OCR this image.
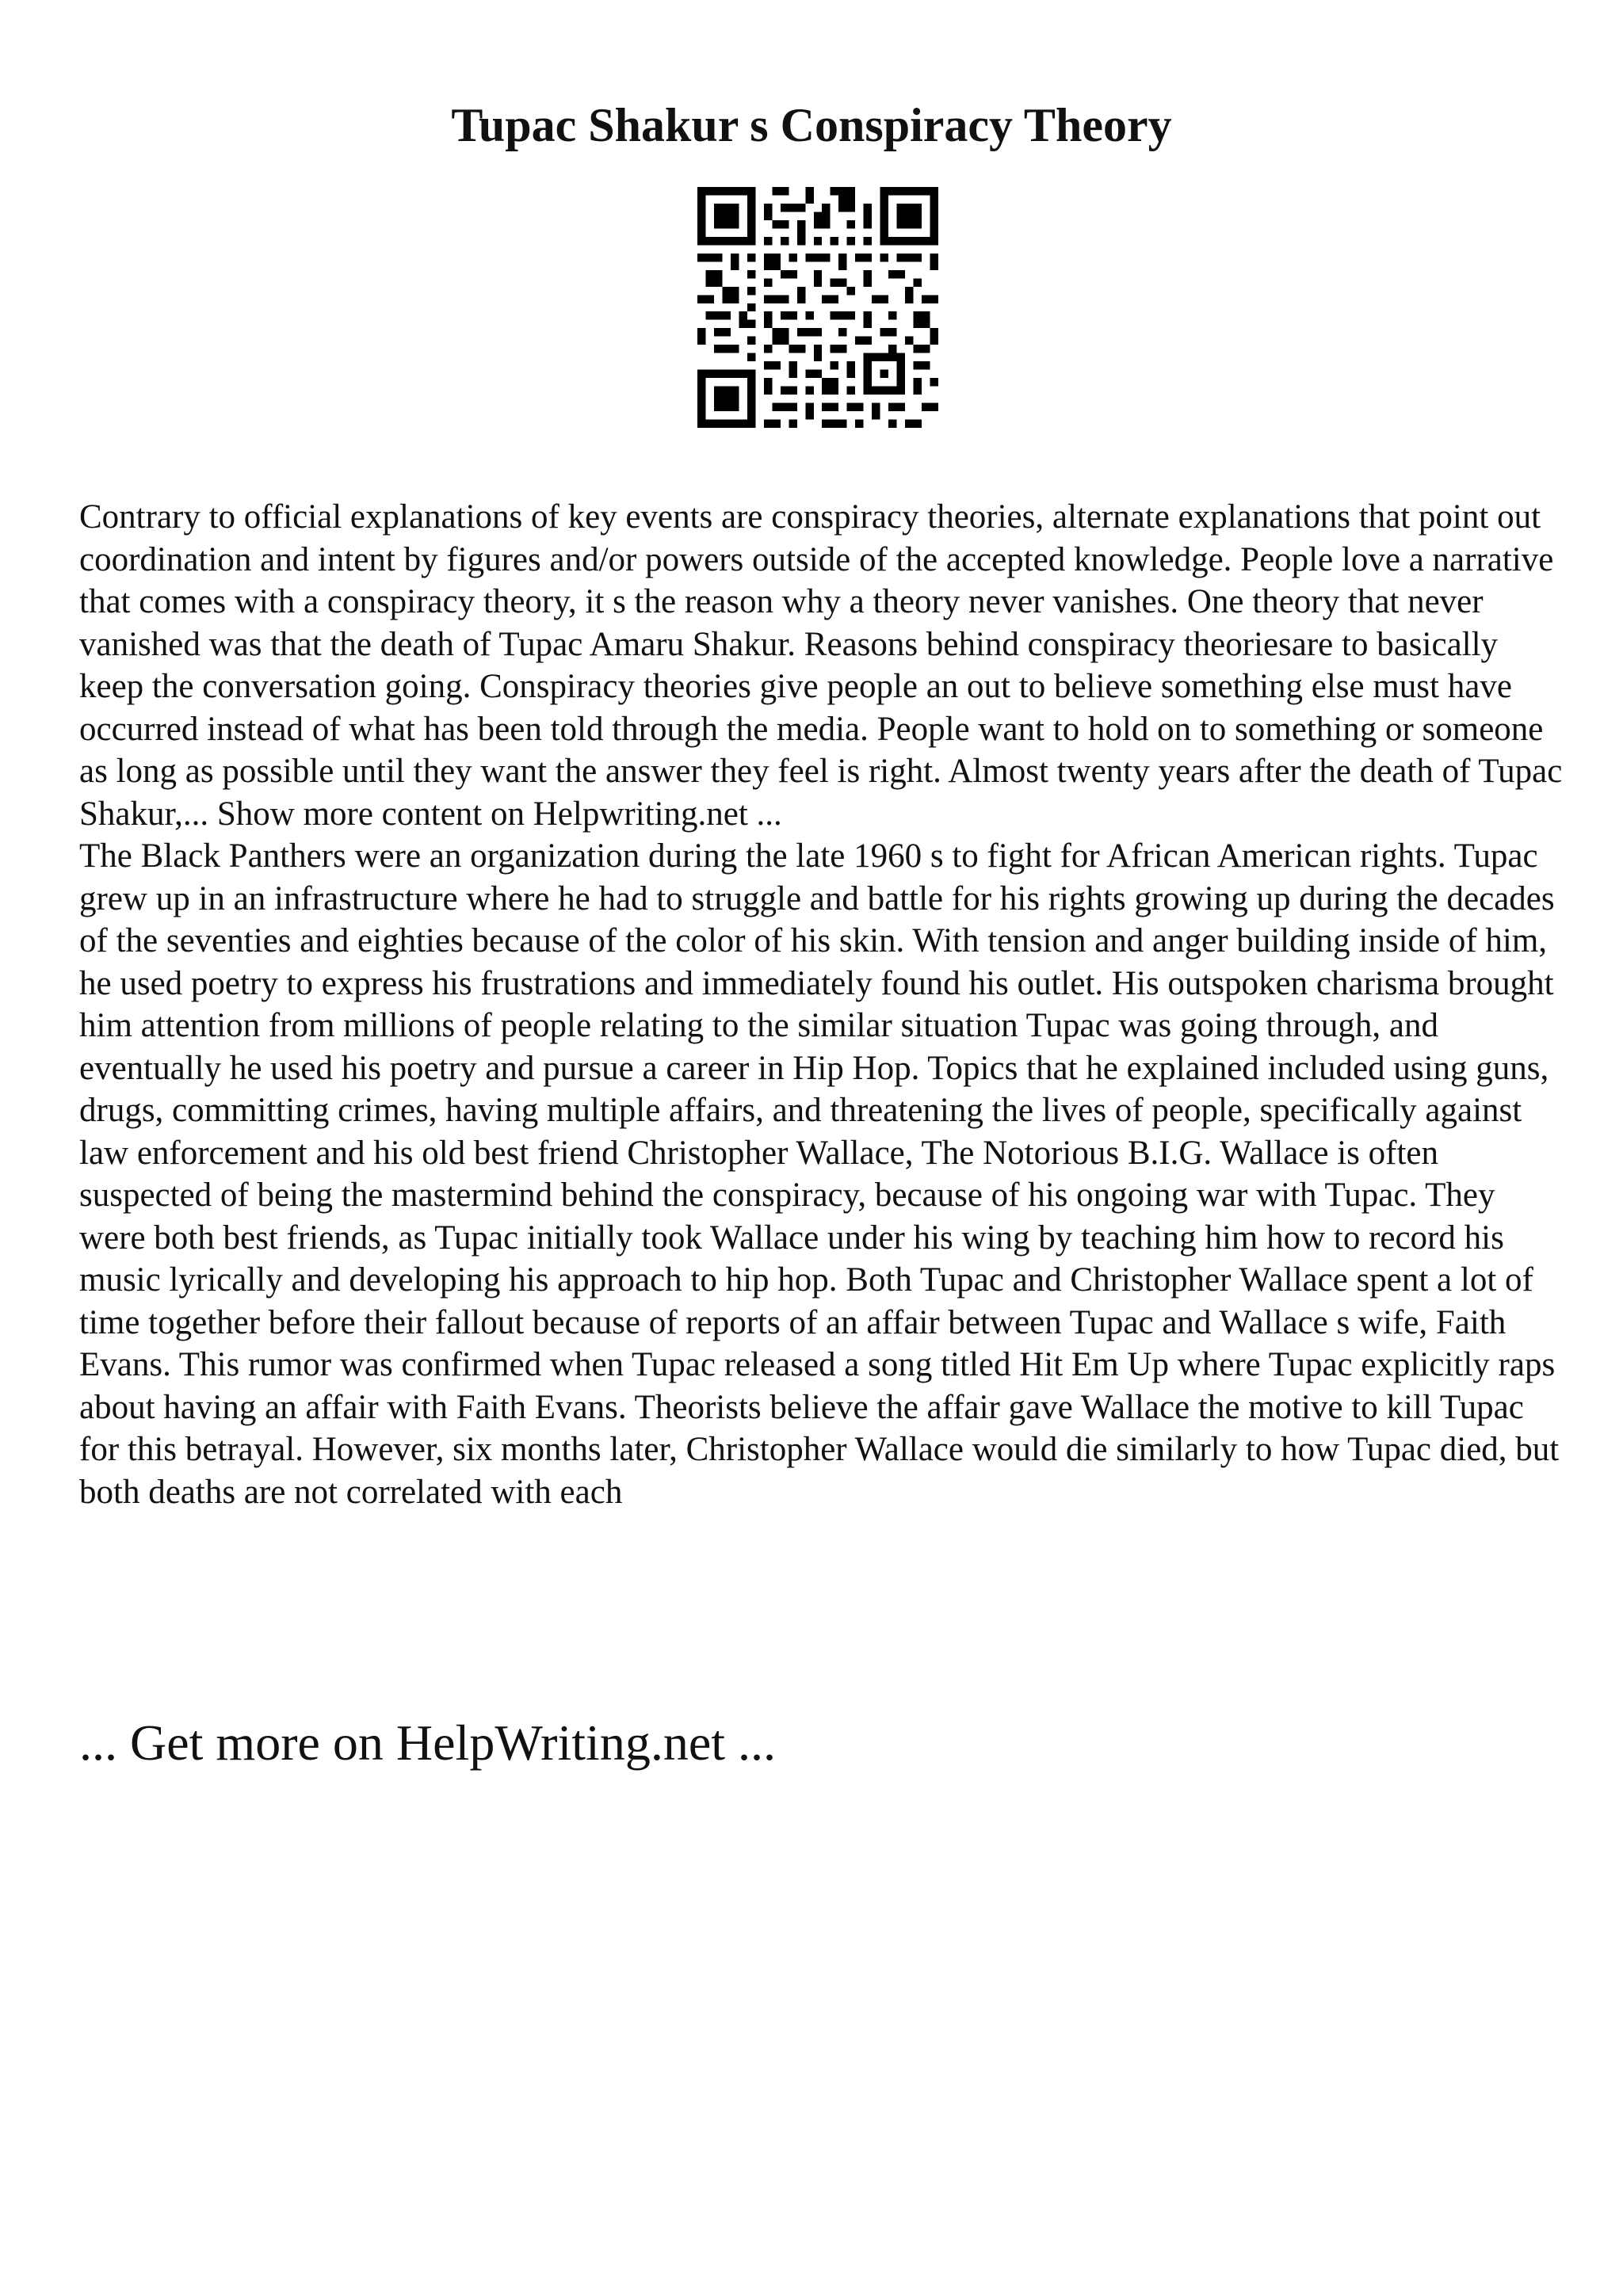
Tupac Shakur s Conspiracy Theory

Contrary to official explanations of key events are conspiracy theories, alternate explanations that point out coordination and intent by figures and/or powers outside of the accepted knowledge. People love a narrative that comes with a conspiracy theory, it s the reason why a theory never vanishes. One theory that never vanished was that the death of Tupac Amaru Shakur. Reasons behind conspiracy theoriesare to basically keep the conversation going. Conspiracy theories give people an out to believe something else must have occurred instead of what has been told through the media. People want to hold on to something or someone as long as possible until they want the answer they feel is right. Almost twenty years after the death of Tupac Shakur,... Show more content on Helpwriting.net ...

The Black Panthers were an organization during the late 1960 s to fight for African American rights. Tupac grew up in an infrastructure where he had to struggle and battle for his rights growing up during the decades of the seventies and eighties because of the color of his skin. With tension and anger building inside of him, he used poetry to express his frustrations and immediately found his outlet. His outspoken charisma brought him attention from millions of people relating to the similar situation Tupac was going through, and eventually he used his poetry and pursue a career in Hip Hop. Topics that he explained included using guns, drugs, committing crimes, having multiple affairs, and threatening the lives of people, specifically against law enforcement and his old best friend Christopher Wallace, The Notorious B.I.G. Wallace is often suspected of being the mastermind behind the conspiracy, because of his ongoing war with Tupac. They were both best friends, as Tupac initially took Wallace under his wing by teaching him how to record his music lyrically and developing his approach to hip hop. Both Tupac and Christopher Wallace spent a lot of time together before their fallout because of reports of an affair between Tupac and Wallace s wife, Faith Evans. This rumor was confirmed when Tupac released a song titled Hit Em Up where Tupac explicitly raps about having an affair with Faith Evans. Theorists believe the affair gave Wallace the motive to kill Tupac for this betrayal. However, six months later, Christopher Wallace would die similarly to how Tupac died, but both deaths are not correlated with each

... Get more on HelpWriting.net ...
